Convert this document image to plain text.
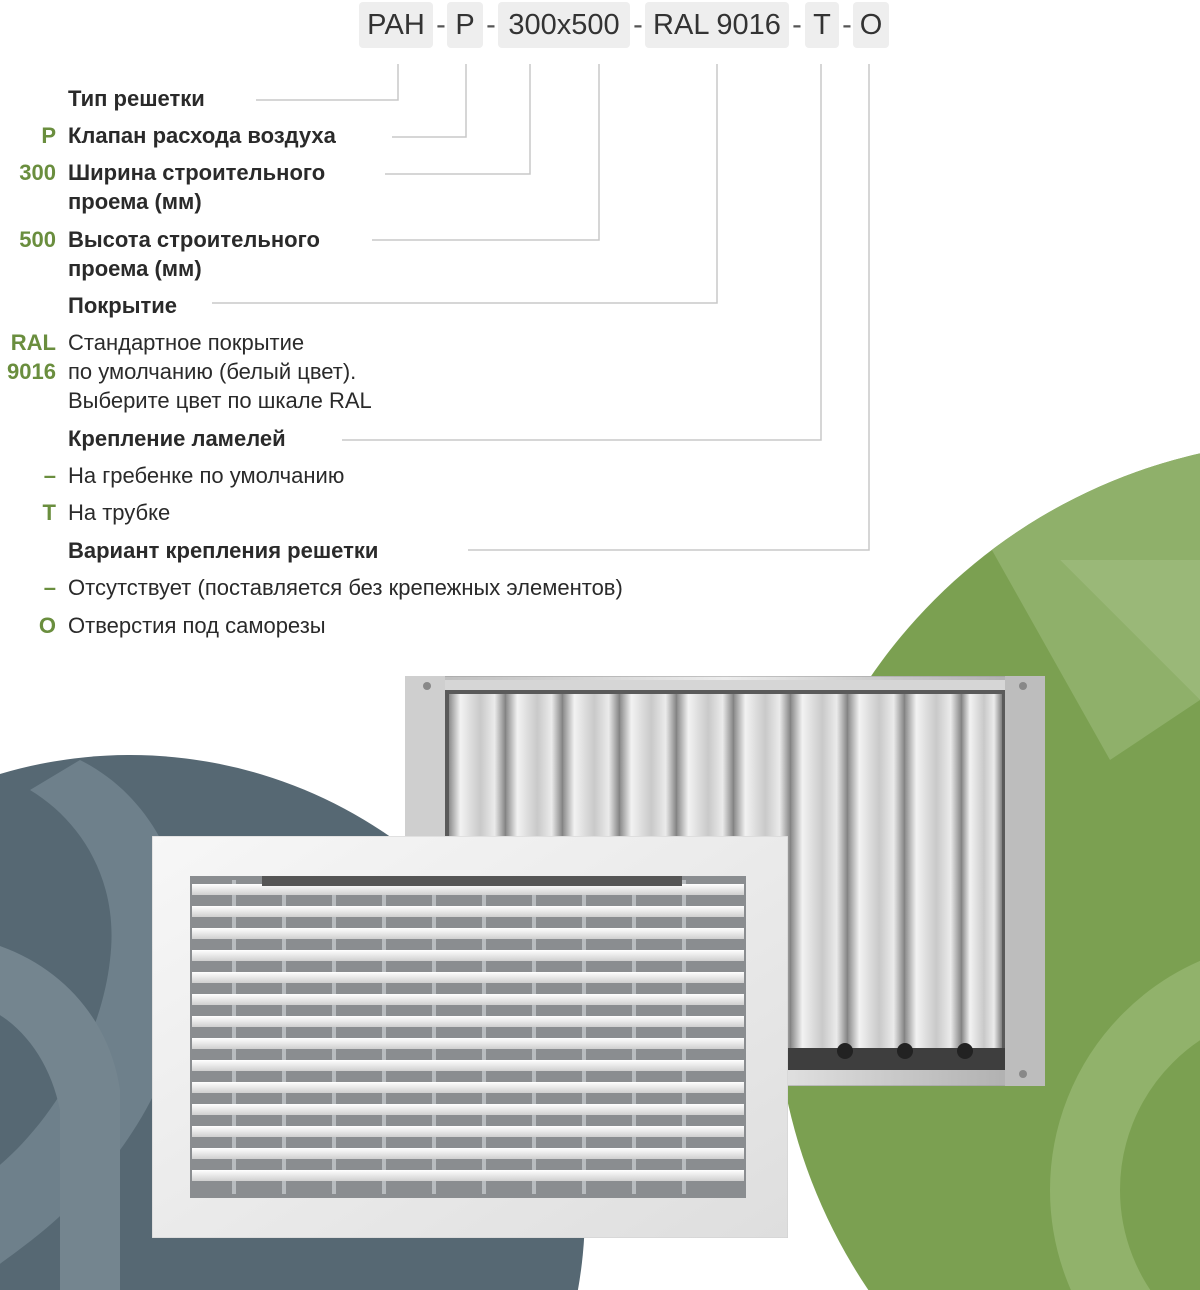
РАН - P - 300x500 - RAL 9016 - T - O
Тип решетки
P Клапан расхода воздуха
300 Ширина строительного
проема (мм)
500 Высота строительного
проема (мм)
Покрытие
RAL
9016
Стандартное покрытие
по умолчанию (белый цвет).
Выберите цвет по шкале RAL
Крепление ламелей
– На гребенке по умолчанию
T На трубке
Вариант крепления решетки
– Отсутствует (поставляется без крепежных элементов)
O Отверстия под саморезы
